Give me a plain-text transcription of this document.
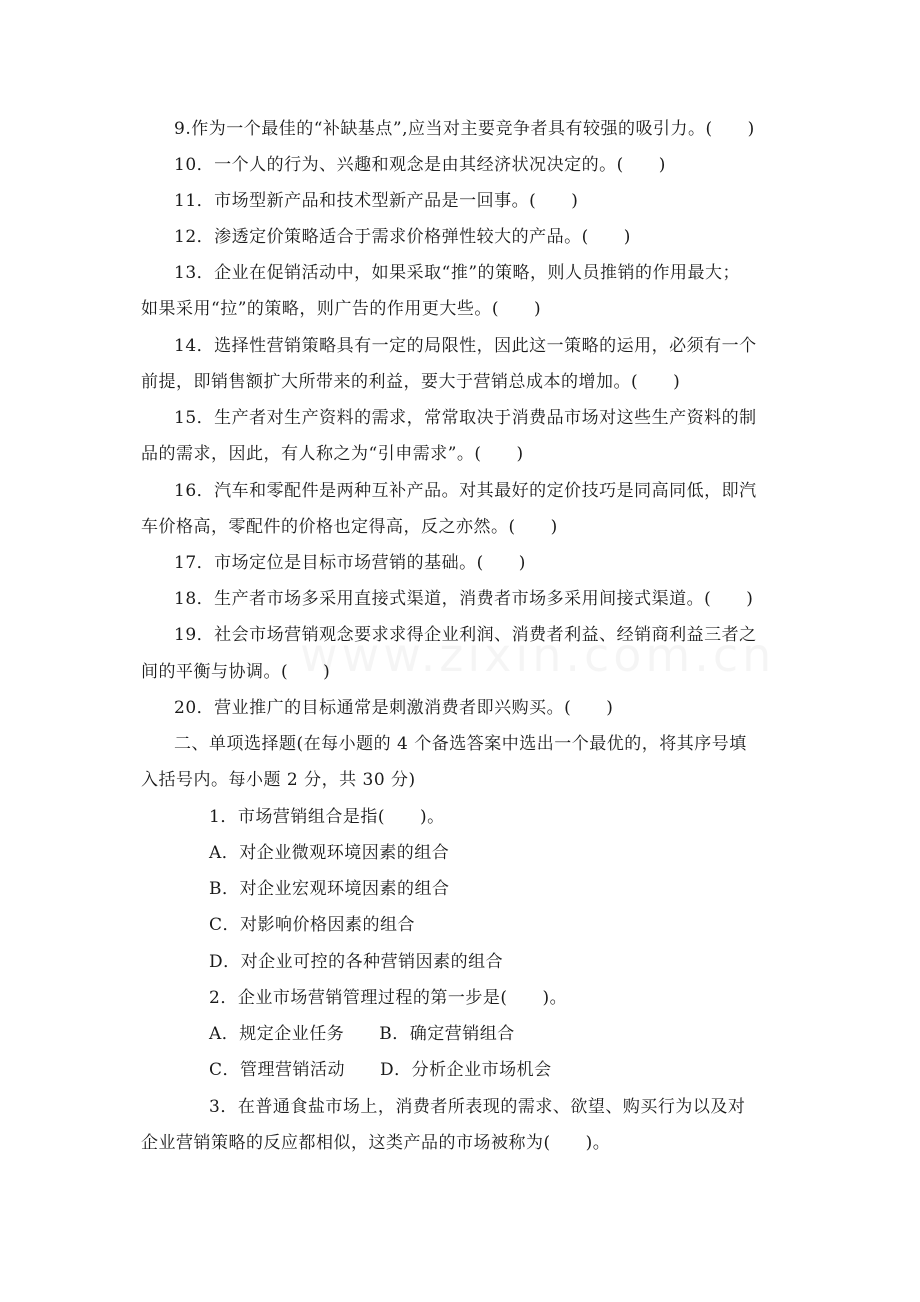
9.作为一个最佳的“补缺基点”,应当对主要竞争者具有较强的吸引力。(　　)
10．一个人的行为、兴趣和观念是由其经济状况决定的。(　　)
11．市场型新产品和技术型新产品是一回事。(　　)
12．渗透定价策略适合于需求价格弹性较大的产品。(　　)
13．企业在促销活动中，如果采取“推”的策略，则人员推销的作用最大；
如果采用“拉”的策略，则广告的作用更大些。(　　)
14．选择性营销策略具有一定的局限性，因此这一策略的运用，必须有一个
前提，即销售额扩大所带来的利益，要大于营销总成本的增加。(　　)
15．生产者对生产资料的需求，常常取决于消费品市场对这些生产资料的制
品的需求，因此，有人称之为“引申需求”。(　　)
16．汽车和零配件是两种互补产品。对其最好的定价技巧是同高同低，即汽
车价格高，零配件的价格也定得高，反之亦然。(　　)
17．市场定位是目标市场营销的基础。(　　)
18．生产者市场多采用直接式渠道，消费者市场多采用间接式渠道。(　　)
19．社会市场营销观念要求求得企业利润、消费者利益、经销商利益三者之
间的平衡与协调。(　　)
20．营业推广的目标通常是刺激消费者即兴购买。(　　)
二、单项选择题(在每小题的 4 个备选答案中选出一个最优的，将其序号填
入括号内。每小题 2 分，共 30 分)
1．市场营销组合是指(　　)。
A．对企业微观环境因素的组合
B．对企业宏观环境因素的组合
C．对影响价格因素的组合
D．对企业可控的各种营销因素的组合
2．企业市场营销管理过程的第一步是(　　)。
A．规定企业任务　　B．确定营销组合
C．管理营销活动　　D．分析企业市场机会
3．在普通食盐市场上，消费者所表现的需求、欲望、购买行为以及对
企业营销策略的反应都相似，这类产品的市场被称为(　　)。
